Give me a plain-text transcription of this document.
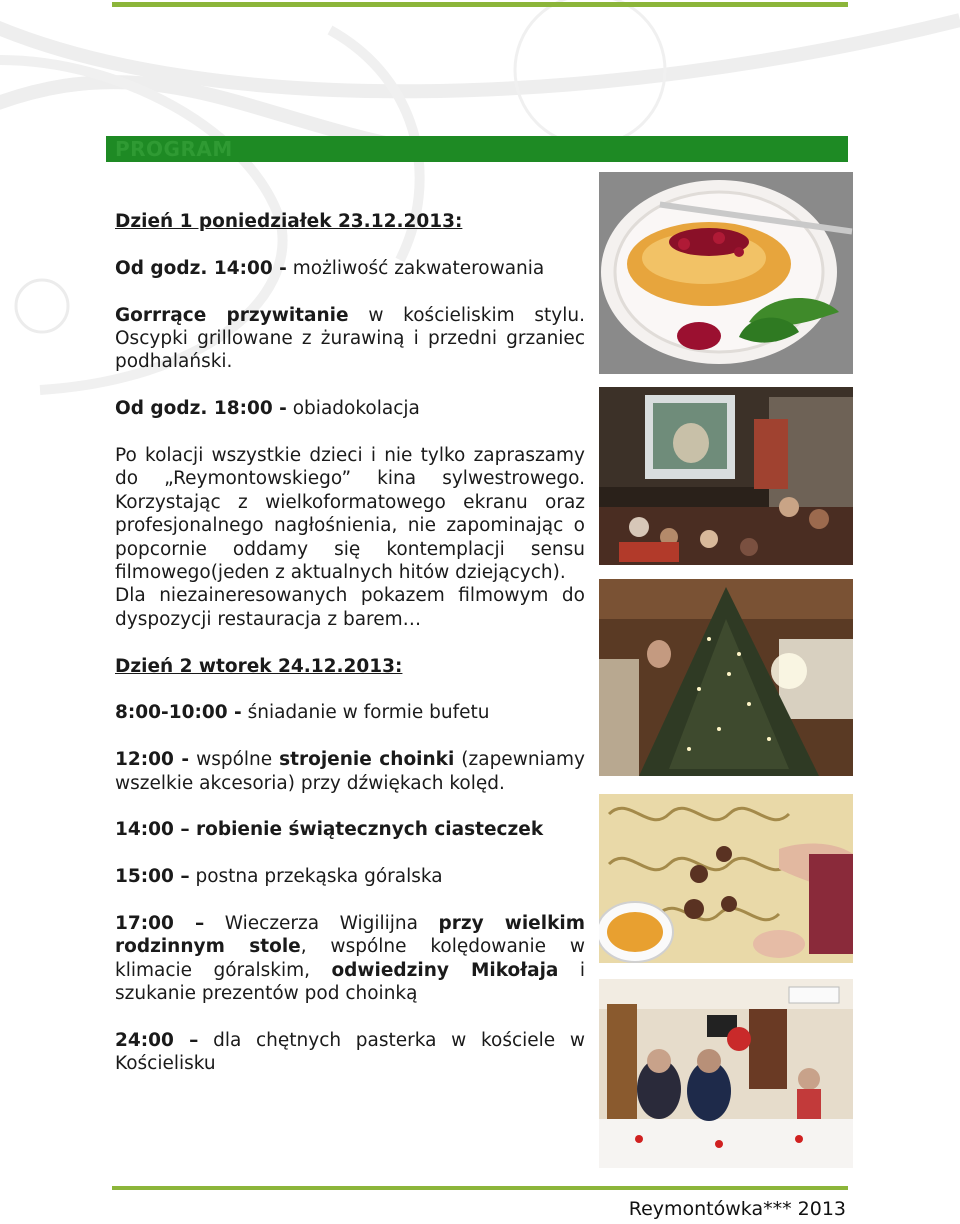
PROGRAM

Dzień 1 poniedziałek 23.12.2013:

Od godz. 14:00 - możliwość zakwaterowania

Gorrrące przywitanie w kościeliskim stylu. Oscypki grillowane z żurawiną i przedni grzaniec podhalański.

Od godz. 18:00 - obiadokolacja

Po kolacji wszystkie dzieci i nie tylko zapraszamy do „Reymontowskiego” kina sylwestrowego. Korzystając z wielkoformatowego ekranu oraz profesjonalnego nagłośnienia, nie zapominając o popcornie oddamy się kontemplacji sensu filmowego(jeden z aktualnych hitów dziejących).

Dla niezaineresowanych pokazem filmowym do dyspozycji restauracja z barem…

Dzień 2 wtorek 24.12.2013:

8:00-10:00 - śniadanie w formie bufetu

12:00 - wspólne strojenie choinki (zapewniamy wszelkie akcesoria) przy dźwiękach kolęd.

14:00 – robienie świątecznych ciasteczek

15:00 – postna przekąska góralska

17:00 – Wieczerza Wigilijna przy wielkim rodzinnym stole, wspólne kolędowanie w klimacie góralskim, odwiedziny Mikołaja i szukanie prezentów pod choinką

24:00 – dla chętnych pasterka w kościele w Kościelisku

Reymontówka*** 2013
